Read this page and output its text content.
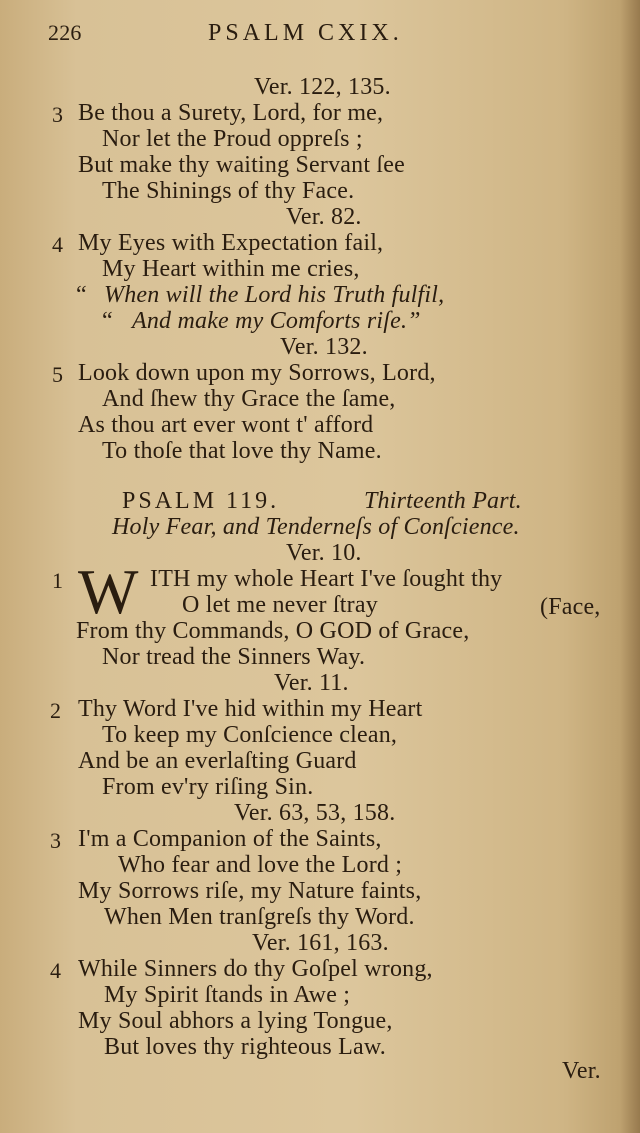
226	PSALM CXIX.
Ver. 122, 135.
3 Be thou a Surety, Lord, for me,
Nor let the Proud oppreſs ;
But make thy waiting Servant ſee
The Shinings of thy Face.
Ver. 82.
4 My Eyes with Expectation fail,
My Heart within me cries,
“ When will the Lord his Truth fulfil,
“ And make my Comforts riſe.”
Ver. 132.
5 Look down upon my Sorrows, Lord,
And ſhew thy Grace the ſame,
As thou art ever wont t' afford
To thoſe that love thy Name.
PSALM 119.	Thirteenth Part.
Holy Fear, and Tenderneſs of Conſcience.
Ver. 10.
1 W ITH my whole Heart I've ſought thy
O let me never ſtray	(Face,
From thy Commands, O GOD of Grace,
Nor tread the Sinners Way.
Ver. 11.
2 Thy Word I've hid within my Heart
To keep my Conſcience clean,
And be an everlaſting Guard
From ev'ry riſing Sin.
Ver. 63, 53, 158.
3 I'm a Companion of the Saints,
Who fear and love the Lord ;
My Sorrows riſe, my Nature faints,
When Men tranſgreſs thy Word.
Ver. 161, 163.
4 While Sinners do thy Goſpel wrong,
My Spirit ſtands in Awe ;
My Soul abhors a lying Tongue,
But loves thy righteous Law.
Ver.
